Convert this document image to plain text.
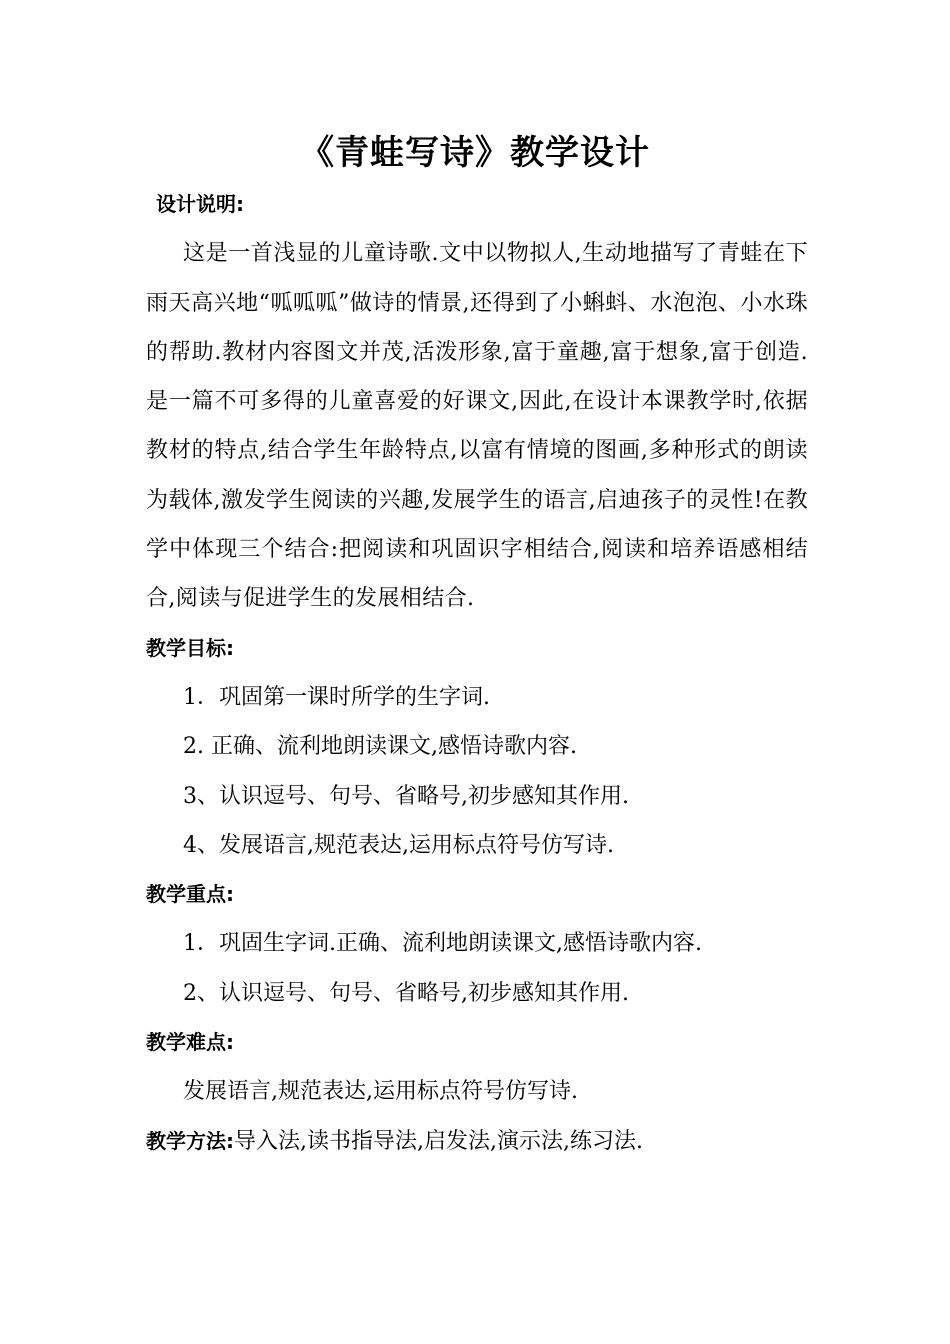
《青蛙写诗》教学设计

设计说明:

这是一首浅显的儿童诗歌.文中以物拟人,生动地描写了青蛙在下雨天高兴地“呱呱呱”做诗的情景,还得到了小蝌蚪、水泡泡、小水珠的帮助.教材内容图文并茂,活泼形象,富于童趣,富于想象,富于创造.是一篇不可多得的儿童喜爱的好课文,因此,在设计本课教学时,依据教材的特点,结合学生年龄特点,以富有情境的图画,多种形式的朗读为载体,激发学生阅读的兴趣,发展学生的语言,启迪孩子的灵性!在教学中体现三个结合:把阅读和巩固识字相结合,阅读和培养语感相结合,阅读与促进学生的发展相结合.

教学目标:

1．巩固第一课时所学的生字词.

2. 正确、流利地朗读课文,感悟诗歌内容.

3、认识逗号、句号、省略号,初步感知其作用.

4、发展语言,规范表达,运用标点符号仿写诗.

教学重点:

1．巩固生字词.正确、流利地朗读课文,感悟诗歌内容.

2、认识逗号、句号、省略号,初步感知其作用.

教学难点:

发展语言,规范表达,运用标点符号仿写诗.

教学方法:导入法,读书指导法,启发法,演示法,练习法.
